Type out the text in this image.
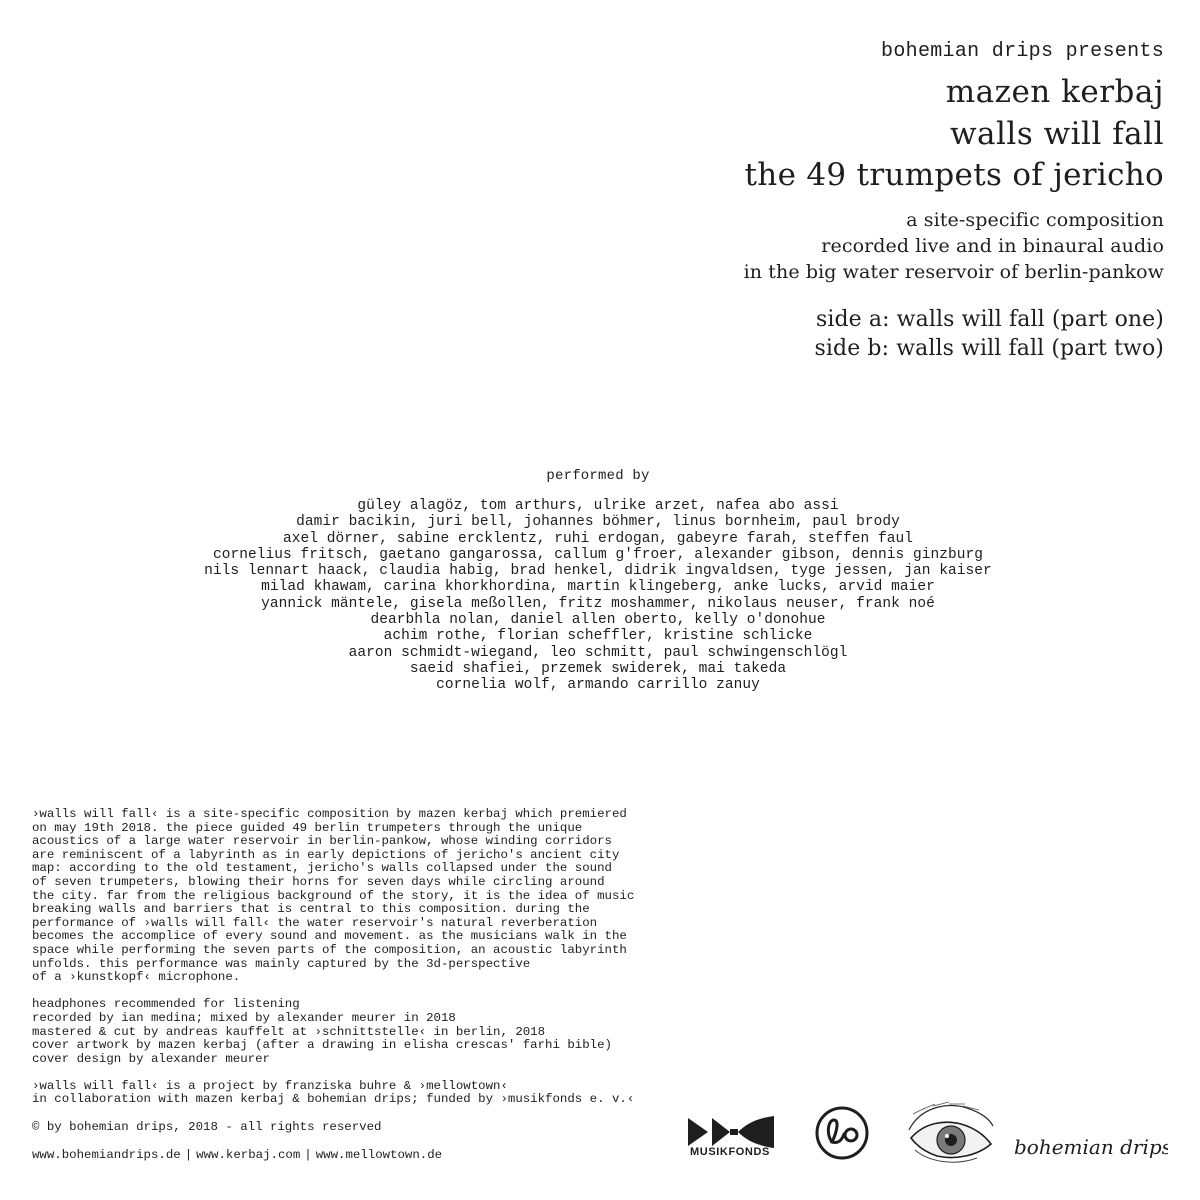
bohemian drips presents
mazen kerbaj
walls will fall
the 49 trumpets of jericho
a site-specific composition
recorded live and in binaural audio
in the big water reservoir of berlin-pankow
side a: walls will fall (part one)
side b: walls will fall (part two)
performed by
güley alagöz, tom arthurs, ulrike arzet, nafea abo assi
damir bacikin, juri bell, johannes böhmer, linus bornheim, paul brody
axel dörner, sabine ercklentz, ruhi erdogan, gabeyre farah, steffen faul
cornelius fritsch, gaetano gangarossa, callum g'froer, alexander gibson, dennis ginzburg
nils lennart haack, claudia habig, brad henkel, didrik ingvaldsen, tyge jessen, jan kaiser
milad khawam, carina khorkhordina, martin klingeberg, anke lucks, arvid maier
yannick mäntele, gisela meßollen, fritz moshammer, nikolaus neuser, frank noé
dearbhla nolan, daniel allen oberto, kelly o'donohue
achim rothe, florian scheffler, kristine schlicke
aaron schmidt-wiegand, leo schmitt, paul schwingenschlögl
saeid shafiei, przemek swiderek, mai takeda
cornelia wolf, armando carrillo zanuy
›walls will fall‹ is a site-specific composition by mazen kerbaj which premiered
on may 19th 2018. the piece guided 49 berlin trumpeters through the unique
acoustics of a large water reservoir in berlin-pankow, whose winding corridors
are reminiscent of a labyrinth as in early depictions of jericho's ancient city
map: according to the old testament, jericho's walls collapsed under the sound
of seven trumpeters, blowing their horns for seven days while circling around
the city. far from the religious background of the story, it is the idea of music
breaking walls and barriers that is central to this composition. during the
performance of ›walls will fall‹ the water reservoir's natural reverberation
becomes the accomplice of every sound and movement. as the musicians walk in the
space while performing the seven parts of the composition, an acoustic labyrinth
unfolds. this performance was mainly captured by the 3d-perspective
of a ›kunstkopf‹ microphone.
headphones recommended for listening
recorded by ian medina; mixed by alexander meurer in 2018
mastered & cut by andreas kauffelt at ›schnittstelle‹ in berlin, 2018
cover artwork by mazen kerbaj (after a drawing in elisha crescas' farhi bible)
cover design by alexander meurer
›walls will fall‹ is a project by franziska buhre & ›mellowtown‹
in collaboration with mazen kerbaj & bohemian drips; funded by ›musikfonds e. v.‹
© by bohemian drips, 2018 - all rights reserved
www.bohemiandrips.de | www.kerbaj.com | www.mellowtown.de	MUSIKFONDS	bohemian drips
